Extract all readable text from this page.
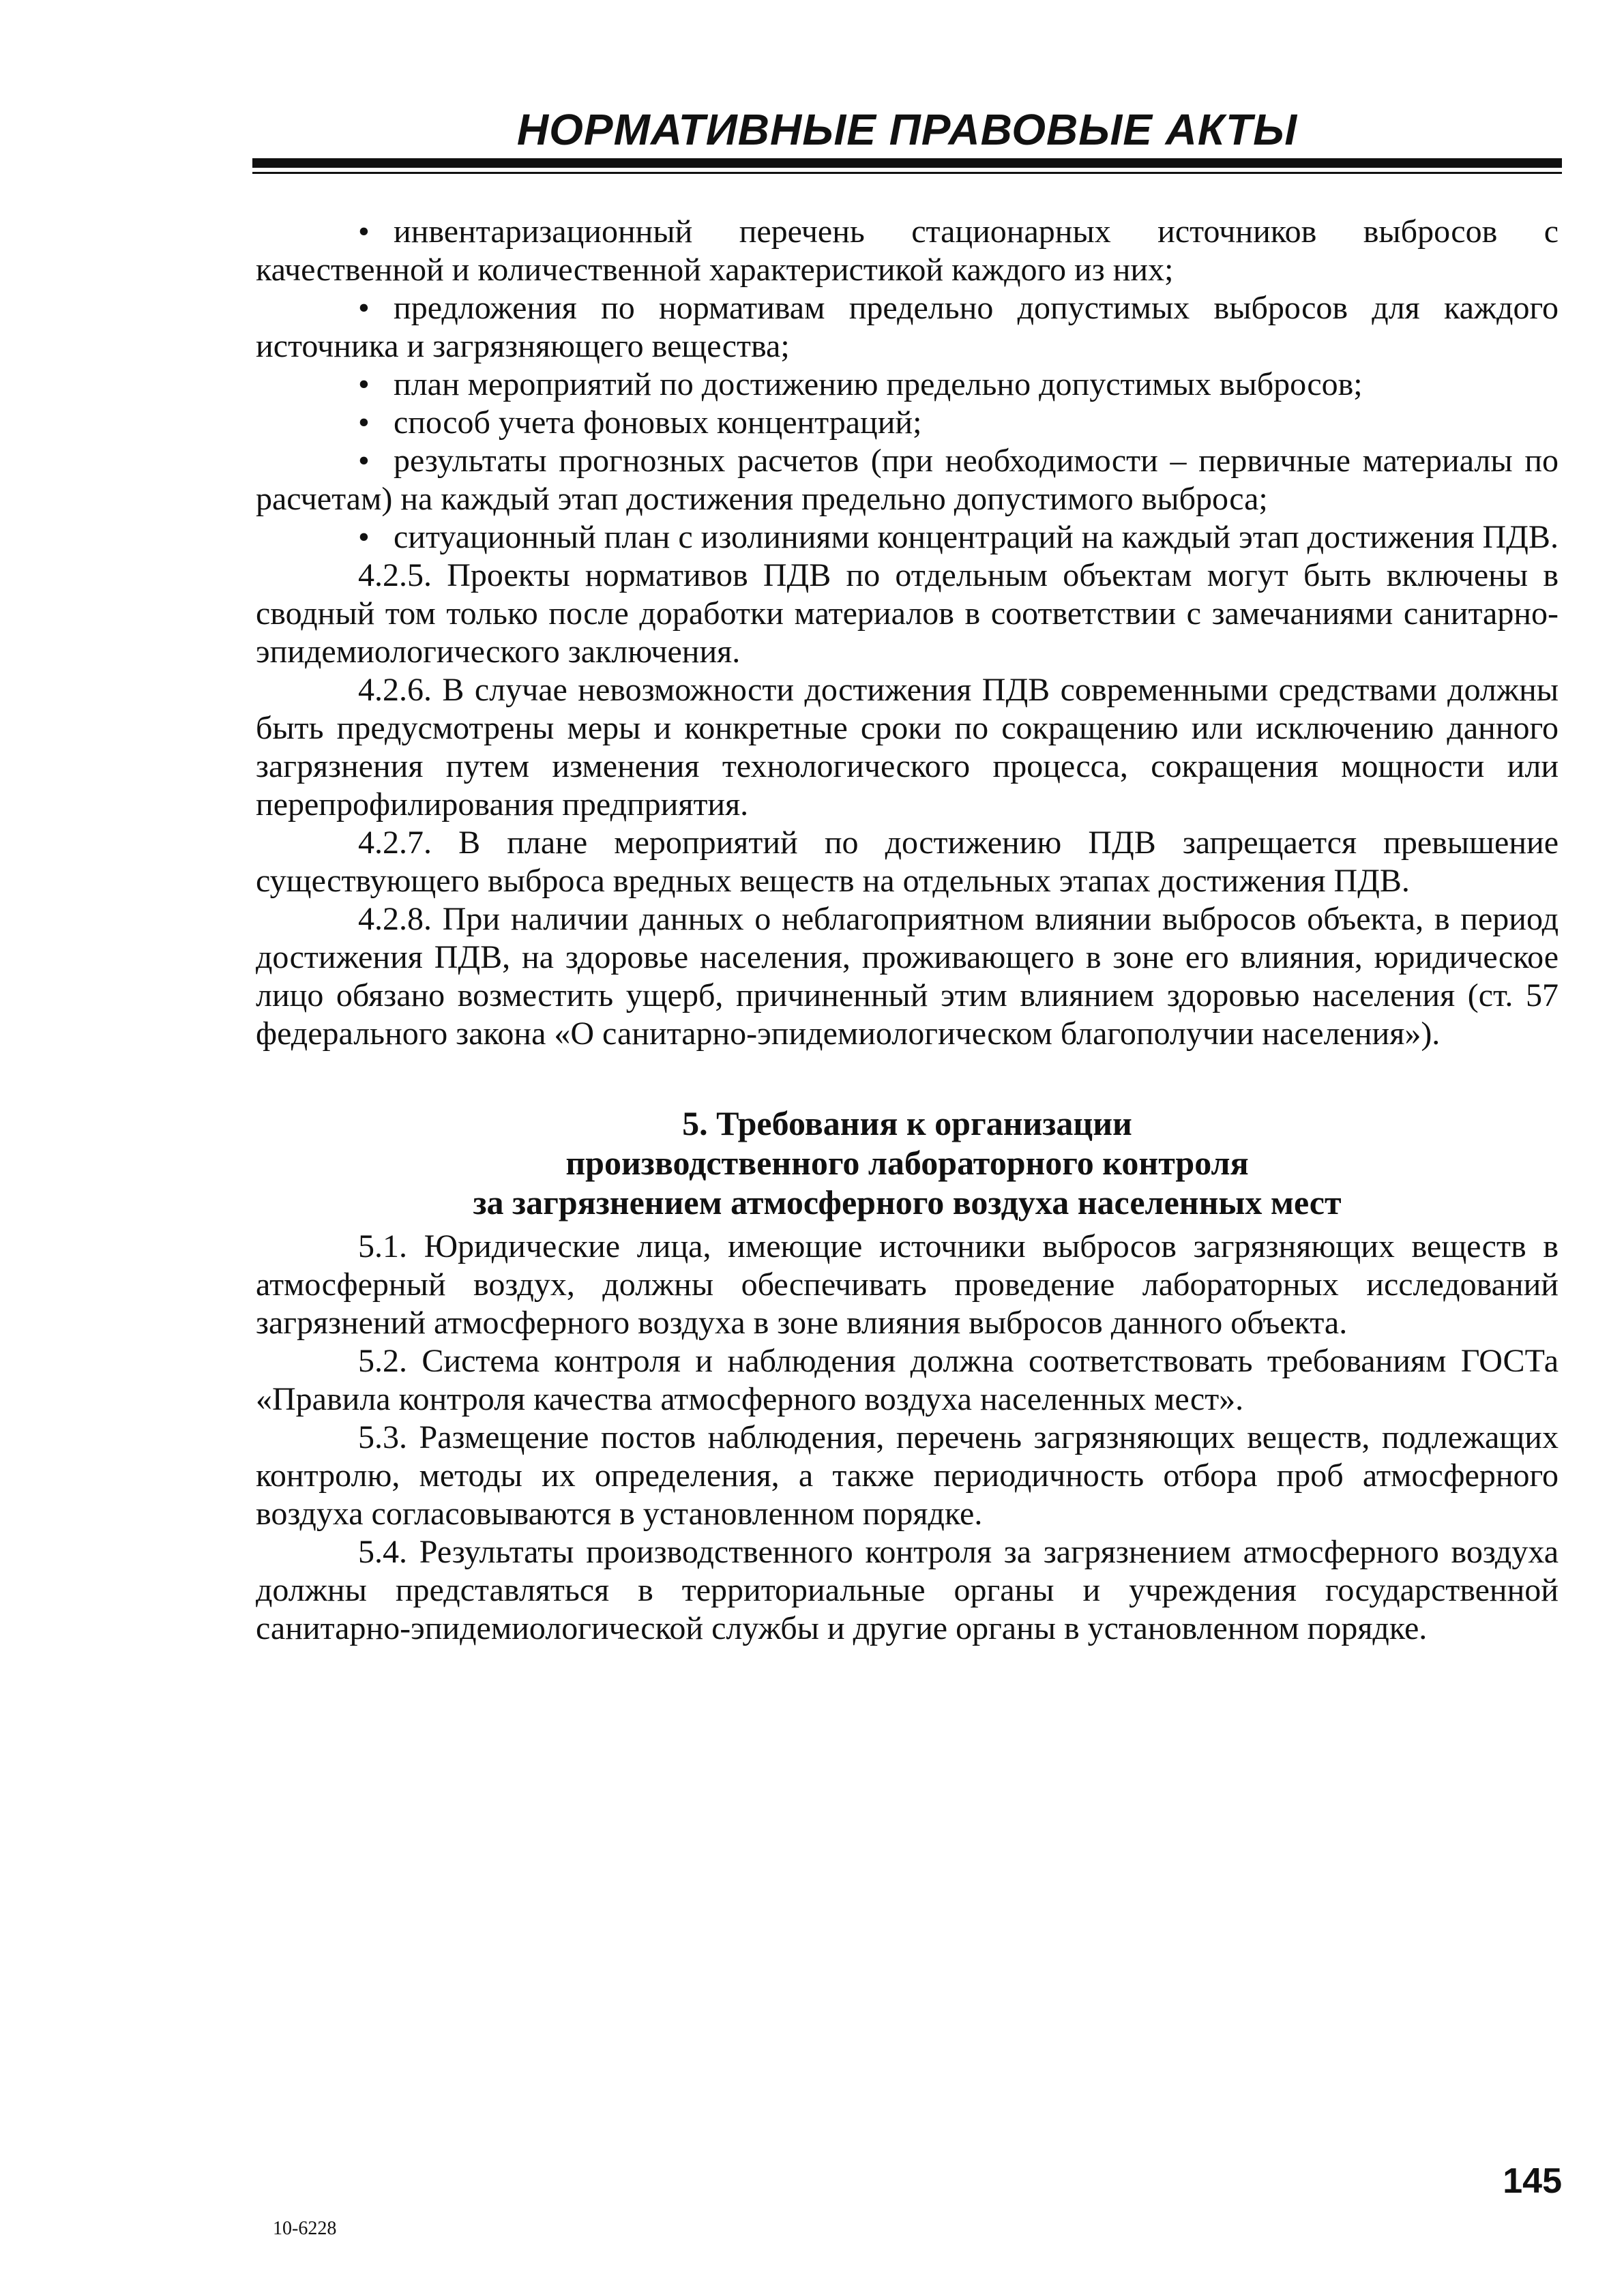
НОРМАТИВНЫЕ ПРАВОВЫЕ АКТЫ

• инвентаризационный перечень стационарных источников выбросов с качественной и количественной характеристикой каждого из них;

• предложения по нормативам предельно допустимых выбросов для каждого источника и загрязняющего вещества;

• план мероприятий по достижению предельно допустимых выбросов;

• способ учета фоновых концентраций;

• результаты прогнозных расчетов (при необходимости – первичные материалы по расчетам) на каждый этап достижения предельно допустимого выброса;

• ситуационный план с изолиниями концентраций на каждый этап достижения ПДВ.

4.2.5. Проекты нормативов ПДВ по отдельным объектам могут быть включены в сводный том только после доработки материалов в соответствии с замечаниями санитарно-эпидемиологического заключения.

4.2.6. В случае невозможности достижения ПДВ современными средствами должны быть предусмотрены меры и конкретные сроки по сокращению или исключению данного загрязнения путем изменения технологического процесса, сокращения мощности или перепрофилирования предприятия.

4.2.7. В плане мероприятий по достижению ПДВ запрещается превышение существующего выброса вредных веществ на отдельных этапах достижения ПДВ.

4.2.8. При наличии данных о неблагоприятном влиянии выбросов объекта, в период достижения ПДВ, на здоровье населения, проживающего в зоне его влияния, юридическое лицо обязано возместить ущерб, причиненный этим влиянием здоровью населения (ст. 57 федерального закона «О санитарно-эпидемиологическом благополучии населения»).

5. Требования к организации
производственного лабораторного контроля
за загрязнением атмосферного воздуха населенных мест

5.1. Юридические лица, имеющие источники выбросов загрязняющих веществ в атмосферный воздух, должны обеспечивать проведение лабораторных исследований загрязнений атмосферного воздуха в зоне влияния выбросов данного объекта.

5.2. Система контроля и наблюдения должна соответствовать требованиям ГОСТа «Правила контроля качества атмосферного воздуха населенных мест».

5.3. Размещение постов наблюдения, перечень загрязняющих веществ, подлежащих контролю, методы их определения, а также периодичность отбора проб атмосферного воздуха согласовываются в установленном порядке.

5.4. Результаты производственного контроля за загрязнением атмосферного воздуха должны представляться в территориальные органы и учреждения государственной санитарно-эпидемиологической службы и другие органы в установленном порядке.

145
10-6228
